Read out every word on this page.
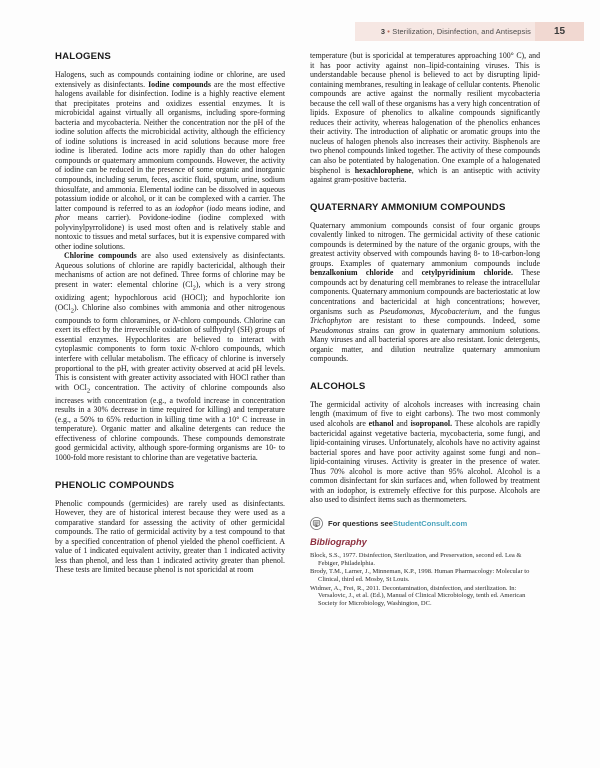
3 • Sterilization, Disinfection, and Antisepsis	15
HALOGENS

Halogens, such as compounds containing iodine or chlorine, are used extensively as disinfectants. Iodine compounds are the most effective halogens available for disinfection. Iodine is a highly reactive element that precipitates proteins and oxidizes essential enzymes. It is microbicidal against virtually all organisms, including spore-forming bacteria and mycobacteria. Neither the concentration nor the pH of the iodine solution affects the microbicidal activity, although the efficiency of iodine solutions is increased in acid solutions because more free iodine is liberated. Iodine acts more rapidly than do other halogen compounds or quaternary ammonium compounds. However, the activity of iodine can be reduced in the presence of some organic and inorganic compounds, including serum, feces, ascitic fluid, sputum, urine, sodium thiosulfate, and ammonia. Elemental iodine can be dissolved in aqueous potassium iodide or alcohol, or it can be complexed with a carrier. The latter compound is referred to as an iodophor (iodo means iodine, and phor means carrier). Povidone-iodine (iodine complexed with polyvinylpyrrolidone) is used most often and is relatively stable and nontoxic to tissues and metal surfaces, but it is expensive compared with other iodine solutions.

Chlorine compounds are also used extensively as disinfectants. Aqueous solutions of chlorine are rapidly bactericidal, although their mechanisms of action are not defined. Three forms of chlorine may be present in water: elemental chlorine $(Cl_2)$, which is a very strong oxidizing agent; hypochlorous acid (HOCl); and hypochlorite ion (OCl$_2$). Chlorine also combines with ammonia and other nitrogenous compounds to form chloramines, or N-chloro compounds. Chlorine can exert its effect by the irreversible oxidation of sulfhydryl (SH) groups of essential enzymes. Hypochlorites are believed to interact with cytoplasmic components to form toxic N-chloro compounds, which interfere with cellular metabolism. The efficacy of chlorine is inversely proportional to the pH, with greater activity observed at acid pH levels. This is consistent with greater activity associated with HOCl rather than with OCl$_2$ concentration. The activity of chlorine compounds also increases with concentration (e.g., a twofold increase in concentration results in a 30% decrease in time required for killing) and temperature (e.g., a 50% to 65% reduction in killing time with a 10° C increase in temperature). Organic matter and alkaline detergents can reduce the effectiveness of chlorine compounds. These compounds demonstrate good germicidal activity, although spore-forming organisms are 10- to 1000-fold more resistant to chlorine than are vegetative bacteria.

PHENOLIC COMPOUNDS

Phenolic compounds (germicides) are rarely used as disinfectants. However, they are of historical interest because they were used as a comparative standard for assessing the activity of other germicidal compounds. The ratio of germicidal activity by a test compound to that by a specified concentration of phenol yielded the phenol coefficient. A value of 1 indicated equivalent activity, greater than 1 indicated activity less than phenol, and less than 1 indicated activity greater than phenol. These tests are limited because phenol is not sporicidal at room

temperature (but is sporicidal at temperatures approaching 100° C), and it has poor activity against non–lipid-containing viruses. This is understandable because phenol is believed to act by disrupting lipid-containing membranes, resulting in leakage of cellular contents. Phenolic compounds are active against the normally resilient mycobacteria because the cell wall of these organisms has a very high concentration of lipids. Exposure of phenolics to alkaline compounds significantly reduces their activity, whereas halogenation of the phenolics enhances their activity. The introduction of aliphatic or aromatic groups into the nucleus of halogen phenols also increases their activity. Bisphenols are two phenol compounds linked together. The activity of these compounds can also be potentiated by halogenation. One example of a halogenated bisphenol is hexachlorophene, which is an antiseptic with activity against gram-positive bacteria.

QUATERNARY AMMONIUM COMPOUNDS

Quaternary ammonium compounds consist of four organic groups covalently linked to nitrogen. The germicidal activity of these cationic compounds is determined by the nature of the organic groups, with the greatest activity observed with compounds having 8- to 18-carbon-long groups. Examples of quaternary ammonium compounds include benzalkonium chloride and cetylpyridinium chloride. These compounds act by denaturing cell membranes to release the intracellular components. Quaternary ammonium compounds are bacteriostatic at low concentrations and bactericidal at high concentrations; however, organisms such as Pseudomonas, Mycobacterium, and the fungus Trichophyton are resistant to these compounds. Indeed, some Pseudomonas strains can grow in quaternary ammonium solutions. Many viruses and all bacterial spores are also resistant. Ionic detergents, organic matter, and dilution neutralize quaternary ammonium compounds.

ALCOHOLS

The germicidal activity of alcohols increases with increasing chain length (maximum of five to eight carbons). The two most commonly used alcohols are ethanol and isopropanol. These alcohols are rapidly bactericidal against vegetative bacteria, mycobacteria, some fungi, and lipid-containing viruses. Unfortunately, alcohols have no activity against bacterial spores and have poor activity against some fungi and non–lipid-containing viruses. Activity is greater in the presence of water. Thus 70% alcohol is more active than 95% alcohol. Alcohol is a common disinfectant for skin surfaces and, when followed by treatment with an iodophor, is extremely effective for this purpose. Alcohols are also used to disinfect items such as thermometers.

For questions see StudentConsult.com
Bibliography

Block, S.S., 1977. Disinfection, Sterilization, and Preservation, second ed. Lea & Febiger, Philadelphia.

Brody, T.M., Larner, J., Minneman, K.P., 1998. Human Pharmacology: Molecular to Clinical, third ed. Mosby, St Louis.

Widmer, A., Frei, R., 2011. Decontamination, disinfection, and sterilization. In: Versalovic, J., et al. (Ed.), Manual of Clinical Microbiology, tenth ed. American Society for Microbiology, Washington, DC.
